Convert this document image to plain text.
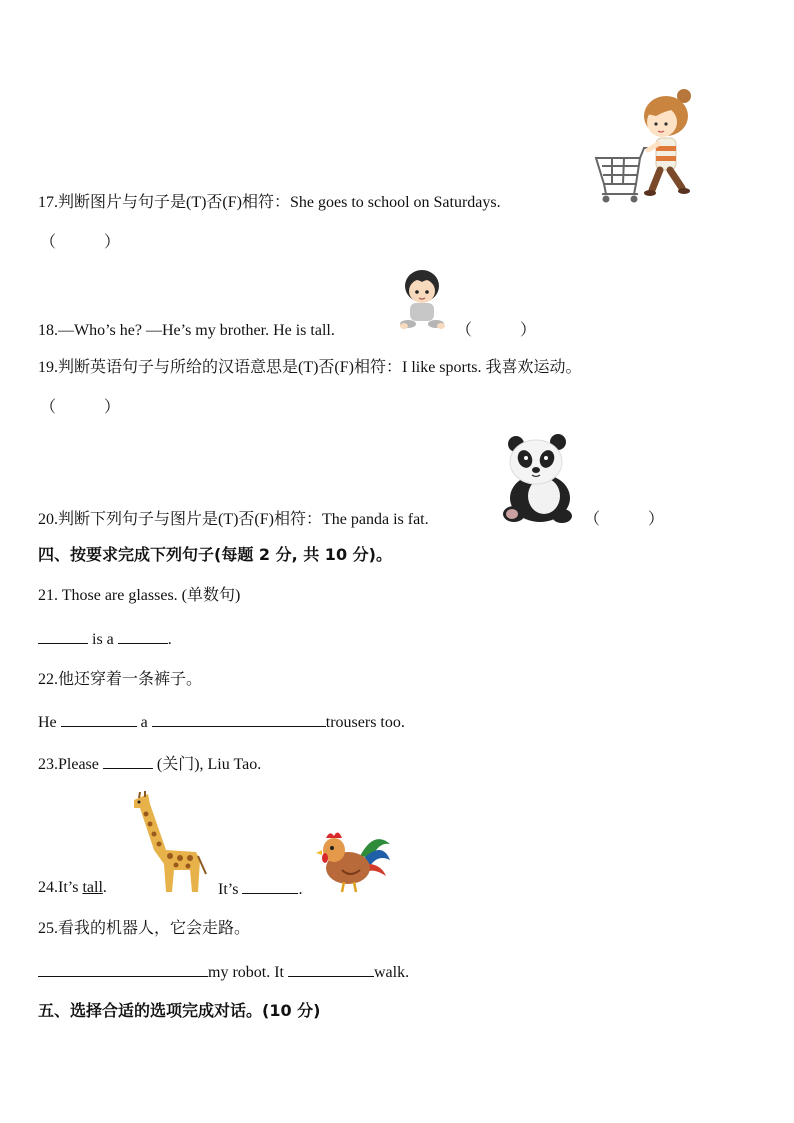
17.判断图片与句子是(T)否(F)相符：She goes to school on Saturdays.
（　　　）
18.—Who’s he? —He’s my brother. He is tall.	（　　　）
19.判断英语句子与所给的汉语意思是(T)否(F)相符：I like sports. 我喜欢运动。
（　　　）
20.判断下列句子与图片是(T)否(F)相符：The panda is fat.	（　　　）
四、按要求完成下列句子(每题 2 分, 共 10 分)。
21. Those are glasses. (单数句)
is a	.
22.他还穿着一条裤子。
He	a	trousers too.
23.Please	(关门), Liu Tao.
24.It’s tall.	It’s	.
25.看我的机器人，它会走路。
my robot. It	walk.
五、选择合适的选项完成对话。(10 分)
